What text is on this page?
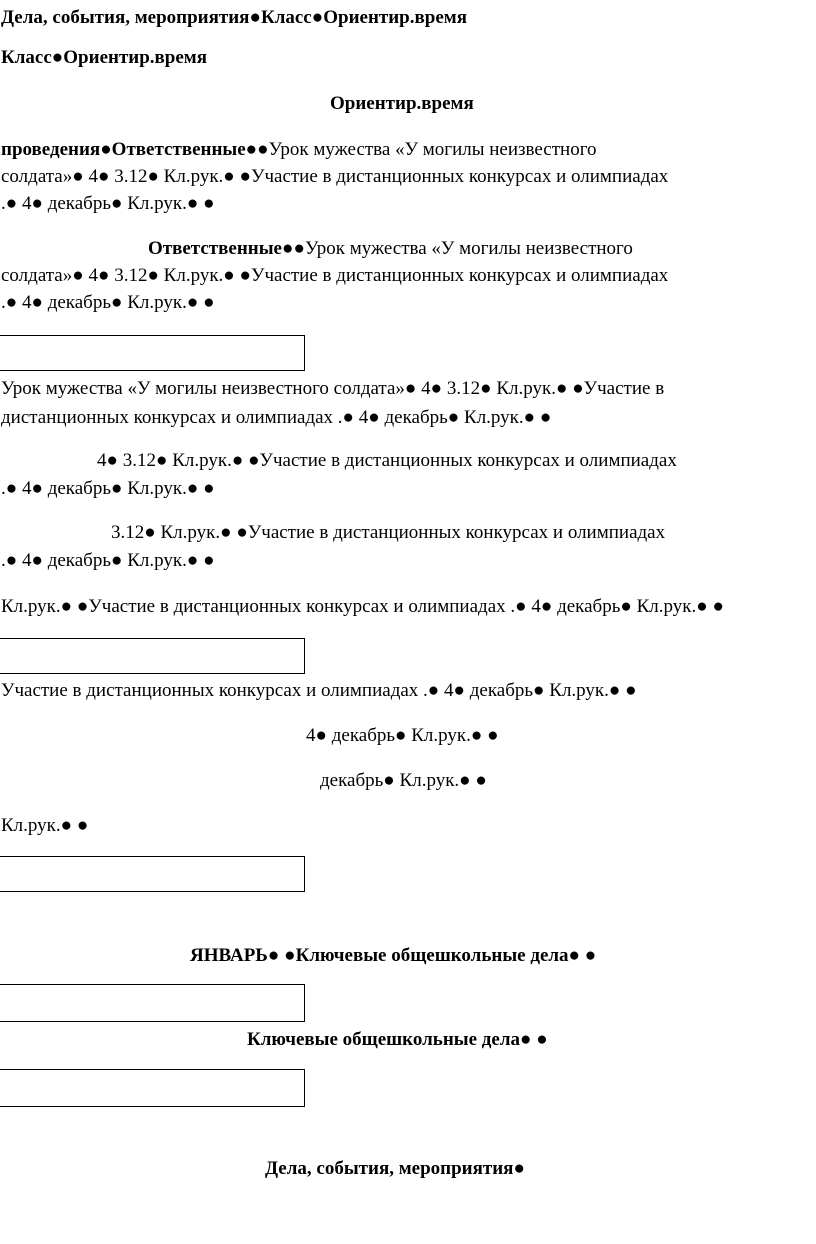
Дела, события, мероприятия●Класс●Ориентир.время
Класс●Ориентир.время
Ориентир.время
проведения●Ответственные●●Урок мужества «У могилы неизвестного
солдата»● 4● 3.12● Кл.рук.● ●Участие в дистанционных конкурсах и олимпиадах
.● 4● декабрь● Кл.рук.● ●
Ответственные●●Урок мужества «У могилы неизвестного
солдата»● 4● 3.12● Кл.рук.● ●Участие в дистанционных конкурсах и олимпиадах
.● 4● декабрь● Кл.рук.● ●
Урок мужества «У могилы неизвестного солдата»● 4● 3.12● Кл.рук.● ●Участие в
дистанционных конкурсах и олимпиадах .● 4● декабрь● Кл.рук.● ●
4● 3.12● Кл.рук.● ●Участие в дистанционных конкурсах и олимпиадах
.● 4● декабрь● Кл.рук.● ●
3.12● Кл.рук.● ●Участие в дистанционных конкурсах и олимпиадах
.● 4● декабрь● Кл.рук.● ●
Кл.рук.● ●Участие в дистанционных конкурсах и олимпиадах .● 4● декабрь● Кл.рук.● ●
Участие в дистанционных конкурсах и олимпиадах .● 4● декабрь● Кл.рук.● ●
4● декабрь● Кл.рук.● ●
декабрь● Кл.рук.● ●
Кл.рук.● ●
ЯНВАРЬ● ●Ключевые общешкольные дела● ●
Ключевые общешкольные дела● ●
Дела, события, мероприятия●
